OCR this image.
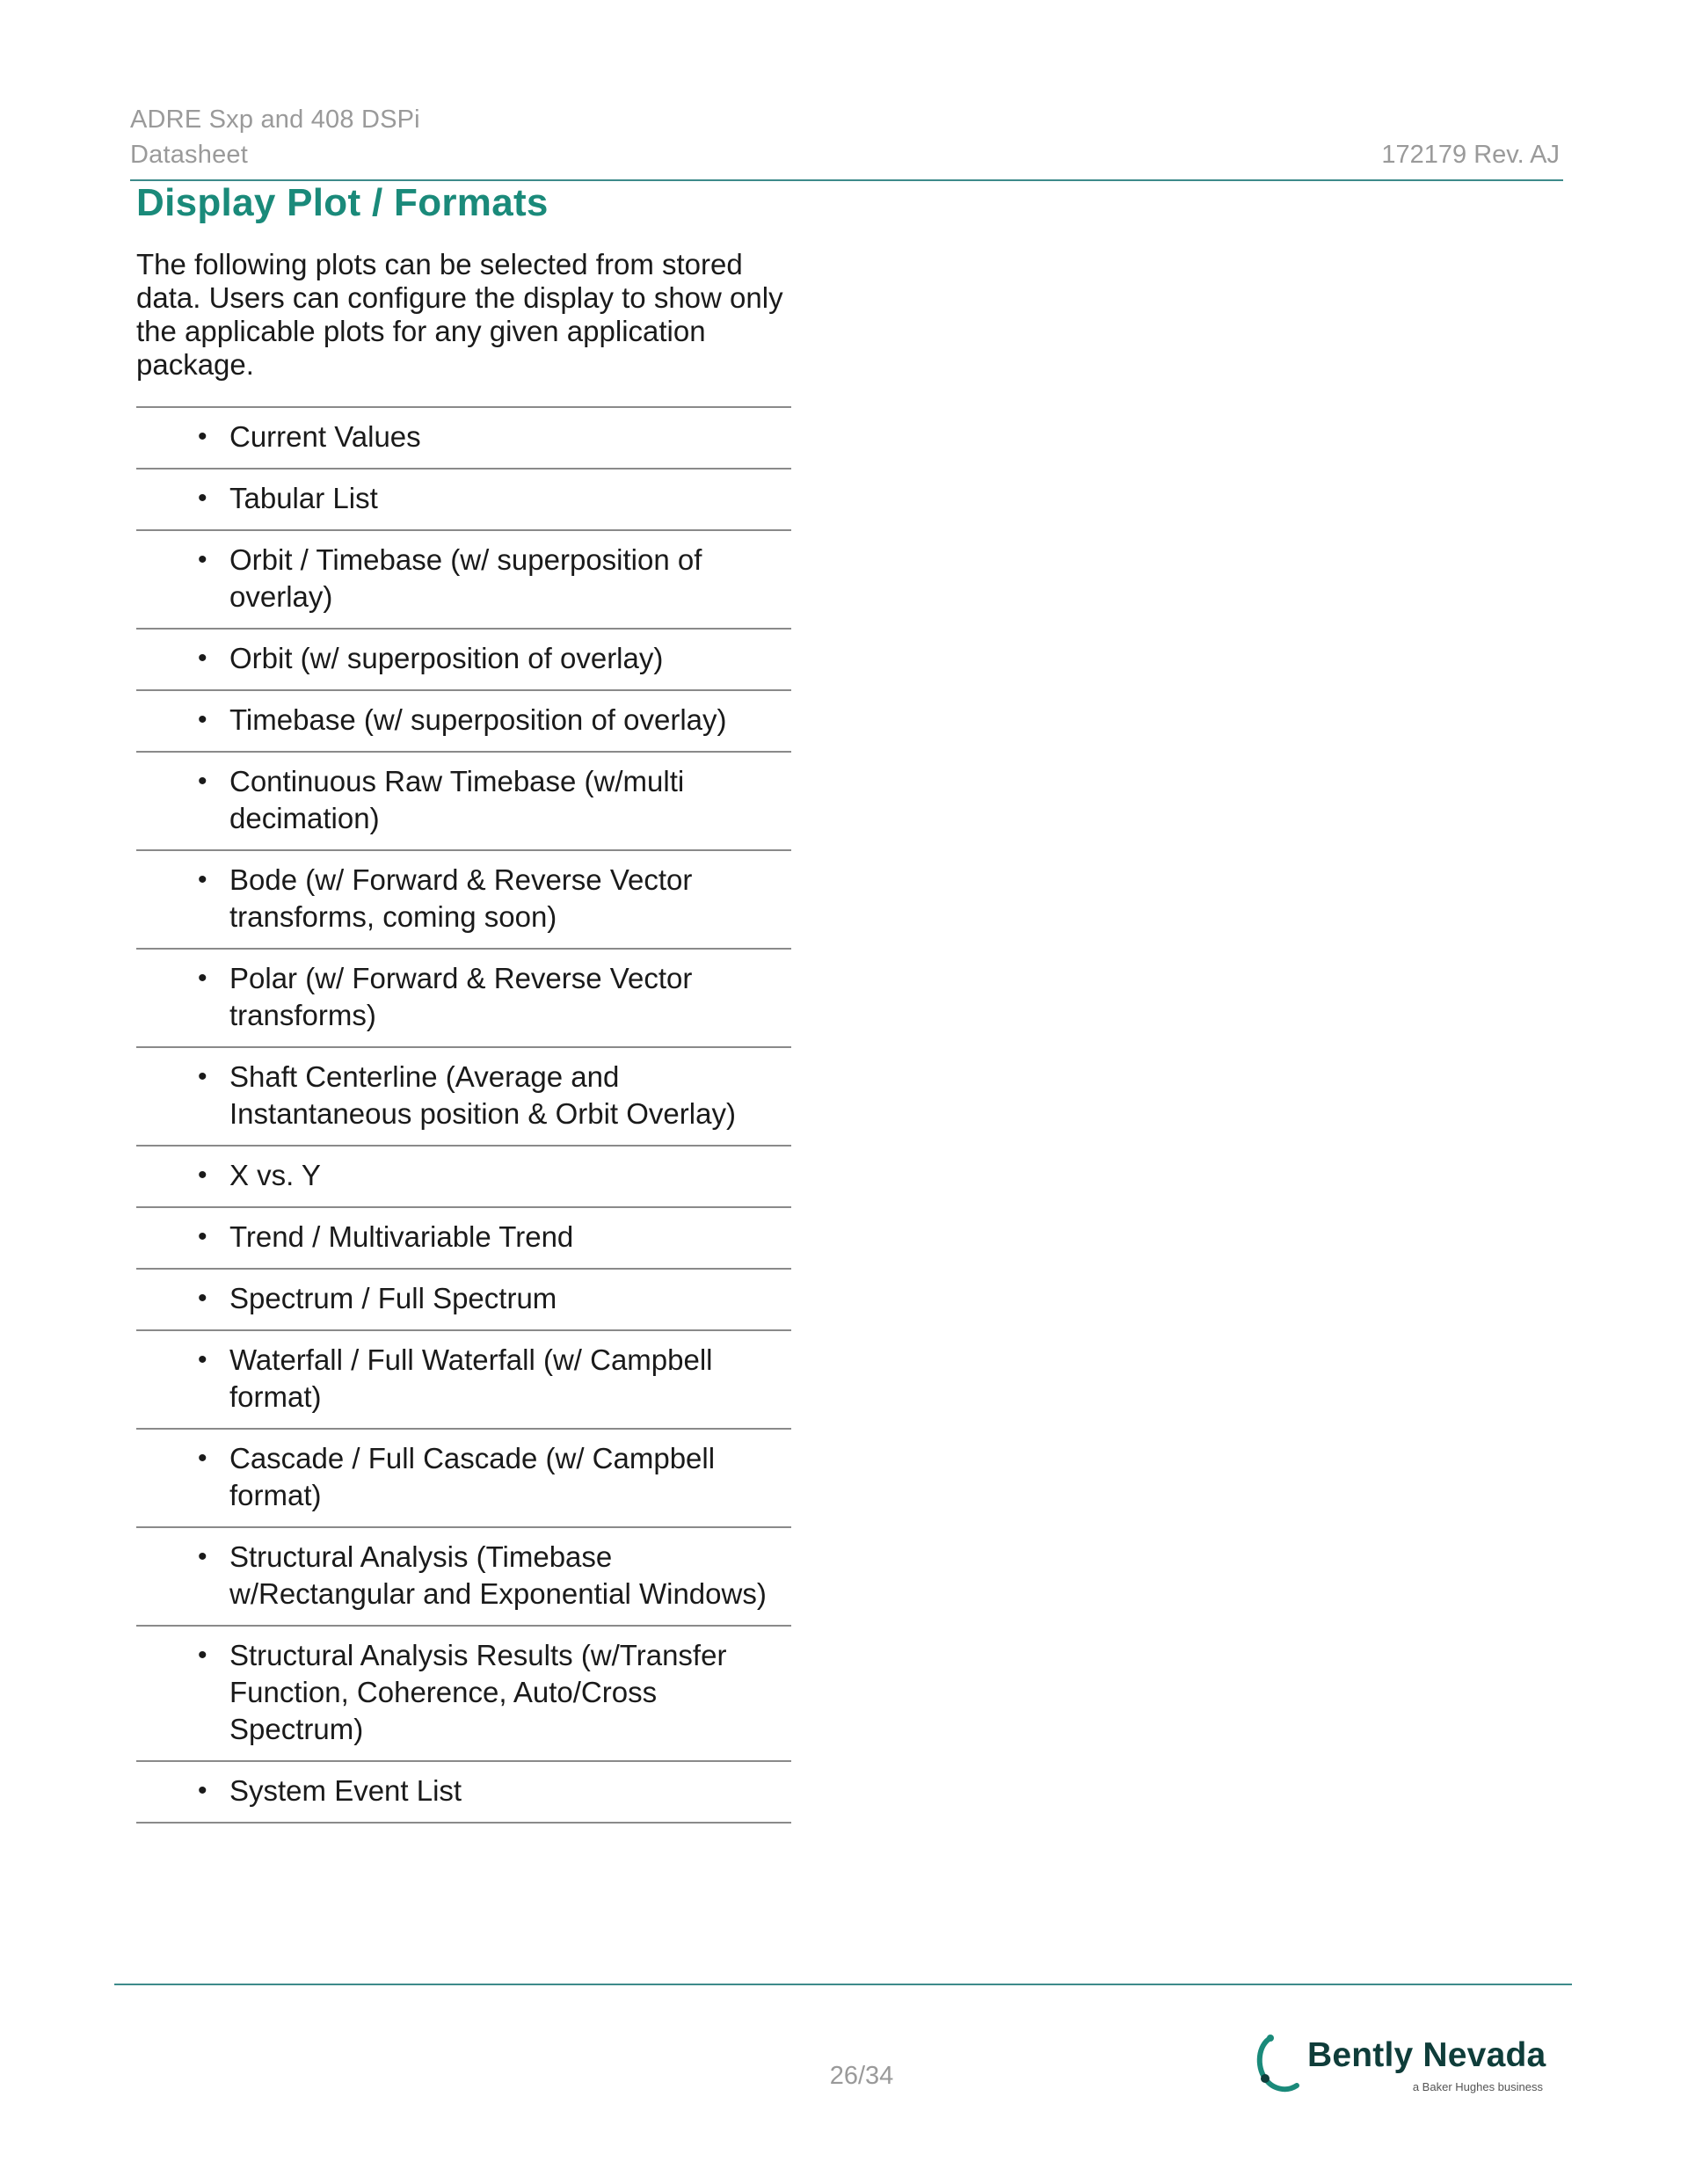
ADRE Sxp and 408 DSPi
Datasheet	172179 Rev. AJ
Display Plot / Formats

The following plots can be selected from stored data. Users can configure the display to show only the applicable plots for any given application package.

• Current Values
• Tabular List
• Orbit / Timebase (w/ superposition of overlay)
• Orbit (w/ superposition of overlay)
• Timebase (w/ superposition of overlay)
• Continuous Raw Timebase (w/multi decimation)
• Bode (w/ Forward & Reverse Vector transforms, coming soon)
• Polar (w/ Forward & Reverse Vector transforms)
• Shaft Centerline (Average and Instantaneous position & Orbit Overlay)
• X vs. Y
• Trend / Multivariable Trend
• Spectrum / Full Spectrum
• Waterfall / Full Waterfall (w/ Campbell format)
• Cascade / Full Cascade (w/ Campbell format)
• Structural Analysis (Timebase w/Rectangular and Exponential Windows)
• Structural Analysis Results (w/Transfer Function, Coherence, Auto/Cross Spectrum)
• System Event List
26/34
Bently Nevada
a Baker Hughes business
